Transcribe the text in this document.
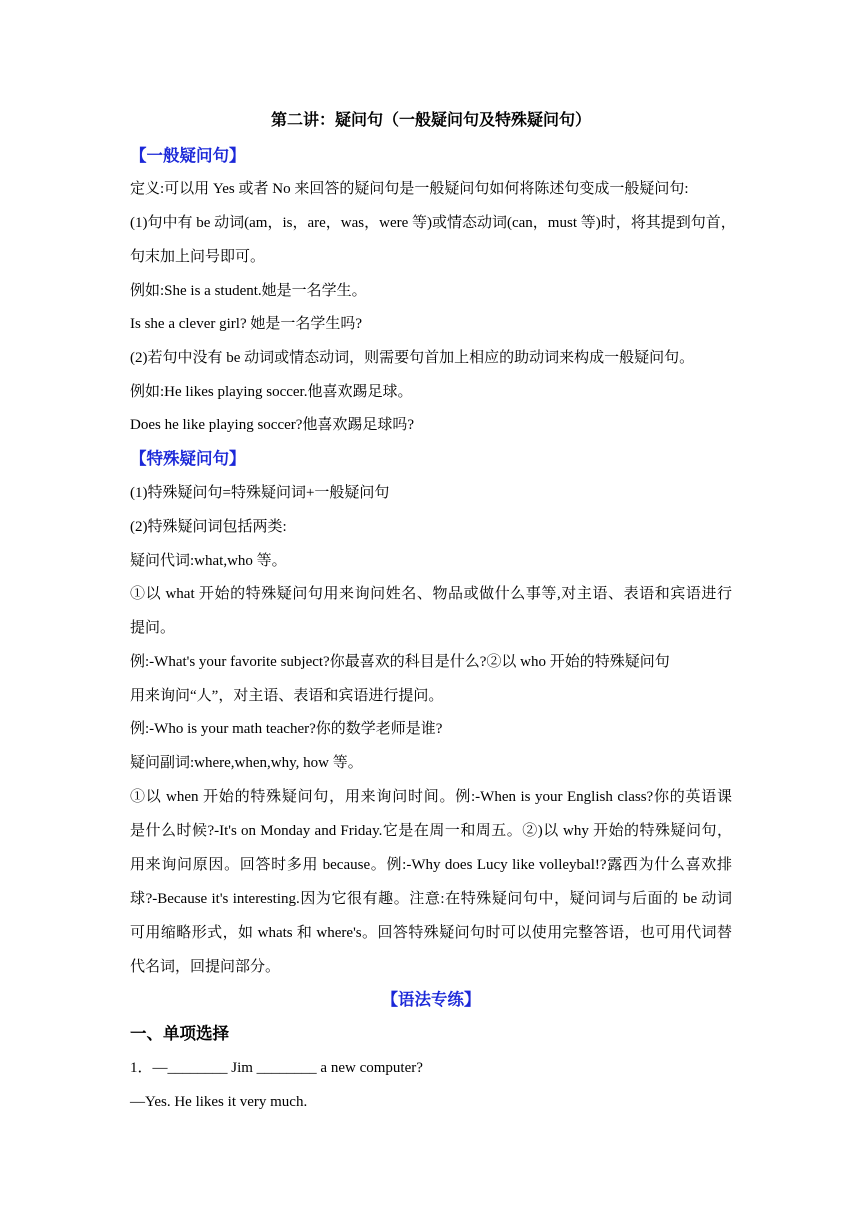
第二讲：疑问句（一般疑问句及特殊疑问句）
【一般疑问句】
定义:可以用 Yes 或者 No 来回答的疑问句是一般疑问句如何将陈述句变成一般疑问句:
(1)句中有 be 动词(am，is，are，was，were 等)或情态动词(can，must 等)时，将其提到句首，
句末加上问号即可。
例如:She is a student.她是一名学生。
Is she a clever girl? 她是一名学生吗?
(2)若句中没有 be 动词或情态动词，则需要句首加上相应的助动词来构成一般疑问句。
例如:He likes playing soccer.他喜欢踢足球。
Does he like playing soccer?他喜欢踢足球吗?
【特殊疑问句】
(1)特殊疑问句=特殊疑问词+一般疑问句
(2)特殊疑问词包括两类:
疑问代词:what,who 等。
①以 what 开始的特殊疑问句用来询问姓名、物品或做什么事等,对主语、表语和宾语进行
提问。
例:-What's your favorite subject?你最喜欢的科目是什么?②以 who 开始的特殊疑问句
用来询问“人”，对主语、表语和宾语进行提问。
例:-Who is your math teacher?你的数学老师是谁?
疑问副词:where,when,why, how 等。
①以 when 开始的特殊疑问句，用来询问时间。例:-When is your English class?你的英语课
是什么时候?-It's on Monday and Friday.它是在周一和周五。②)以 why 开始的特殊疑问句，
用来询问原因。回答时多用 because。例:-Why does Lucy like volleybal!?露西为什么喜欢排
球?-Because it's interesting.因为它很有趣。注意:在特殊疑问句中，疑问词与后面的 be 动词
可用缩略形式，如 whats 和 where's。回答特殊疑问句时可以使用完整答语，也可用代词替
代名词，回提问部分。
【语法专练】
一、单项选择
1．—________ Jim ________ a new computer?
—Yes. He likes it very much.
